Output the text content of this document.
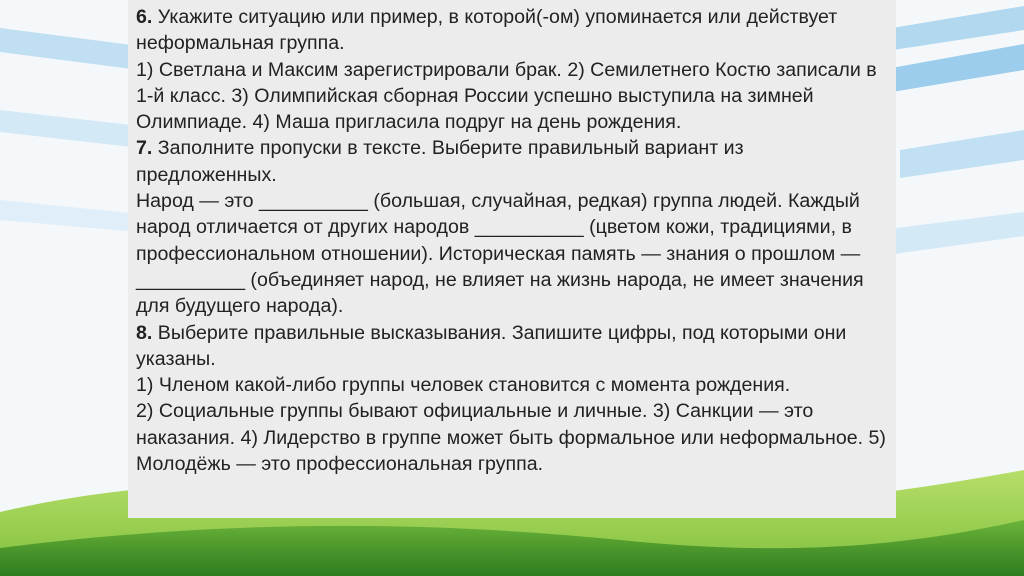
6. Укажите ситуацию или пример, в которой(-ом) упоминается или действует неформальная группа.
1) Светлана и Максим зарегистрировали брак. 2) Семилетнего Костю записали в 1-й класс. 3) Олимпийская сборная России успешно выступила на зимней Олимпиаде. 4) Маша пригласила подруг на день рождения.
7. Заполните пропуски в тексте. Выберите правильный вариант из предложенных.
Народ — это __________ (большая, случайная, редкая) группа людей. Каждый народ отличается от других народов __________ (цветом кожи, традициями, в профессиональном отношении). Историческая память — знания о прошлом — __________ (объединяет народ, не влияет на жизнь народа, не имеет значения для будущего народа).
8. Выберите правильные высказывания. Запишите цифры, под которыми они указаны.
1) Членом какой-либо группы человек становится с момента рождения.
2) Социальные группы бывают официальные и личные. 3) Санкции — это наказания. 4) Лидерство в группе может быть формальное или неформальное. 5) Молодёжь — это профессиональная группа.
